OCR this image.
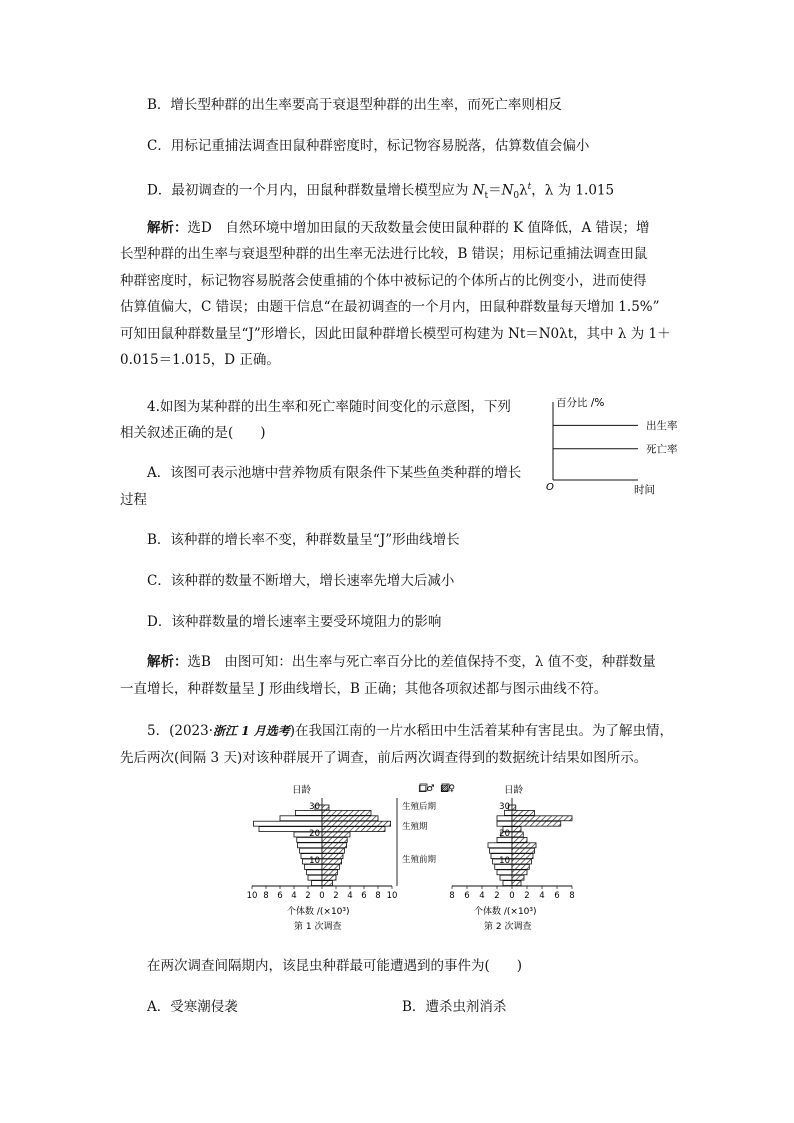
B．增长型种群的出生率要高于衰退型种群的出生率，而死亡率则相反
C．用标记重捕法调查田鼠种群密度时，标记物容易脱落，估算数值会偏小
D．最初调查的一个月内，田鼠种群数量增长模型应为 $N_t=N_0\lambda^t$，λ 为 1.015
解析：选D　自然环境中增加田鼠的天敌数量会使田鼠种群的 K 值降低，A 错误；增
长型种群的出生率与衰退型种群的出生率无法进行比较，B 错误；用标记重捕法调查田鼠
种群密度时，标记物容易脱落会使重捕的个体中被标记的个体所占的比例变小，进而使得
估算值偏大，C 错误；由题干信息“在最初调查的一个月内，田鼠种群数量每天增加 1.5%”
可知田鼠种群数量呈“J”形增长，因此田鼠种群增长模型可构建为 Nt＝N0λt，其中 λ 为 1＋
0.015＝1.015，D 正确。
4.如图为某种群的出生率和死亡率随时间变化的示意图，下列
相关叙述正确的是(　　)
百分比 /%
O	时间
出生率
死亡率
A．该图可表示池塘中营养物质有限条件下某些鱼类种群的增长
过程
B．该种群的增长率不变，种群数量呈“J”形曲线增长
C．该种群的数量不断增大，增长速率先增大后减小
D．该种群数量的增长速率主要受环境阻力的影响
解析：选B　由图可知：出生率与死亡率百分比的差值保持不变，λ 值不变，种群数量
一直增长，种群数量呈 J 形曲线增长，B 正确；其他各项叙述都与图示曲线不符。
5．(2023·浙江 1 月选考)在我国江南的一片水稻田中生活着某种有害昆虫。为了解虫情，
先后两次(间隔 3 天)对该种群展开了调查，前后两次调查得到的数据统计结果如图所示。
□♂ ▨♀
日龄
生殖后期
生殖期
生殖前期
10 8 6 4 2 0 2 4 6 8 10
10
20
30
个体数 /(×10³)
第 1 次调查
日龄
8 6 4 2 0 2 4 6 8
10
20
30
个体数 /(×10³)
第 2 次调查
在两次调查间隔期内，该昆虫种群最可能遭遇到的事件为(　　)
A．受寒潮侵袭	B．遭杀虫剂消杀
